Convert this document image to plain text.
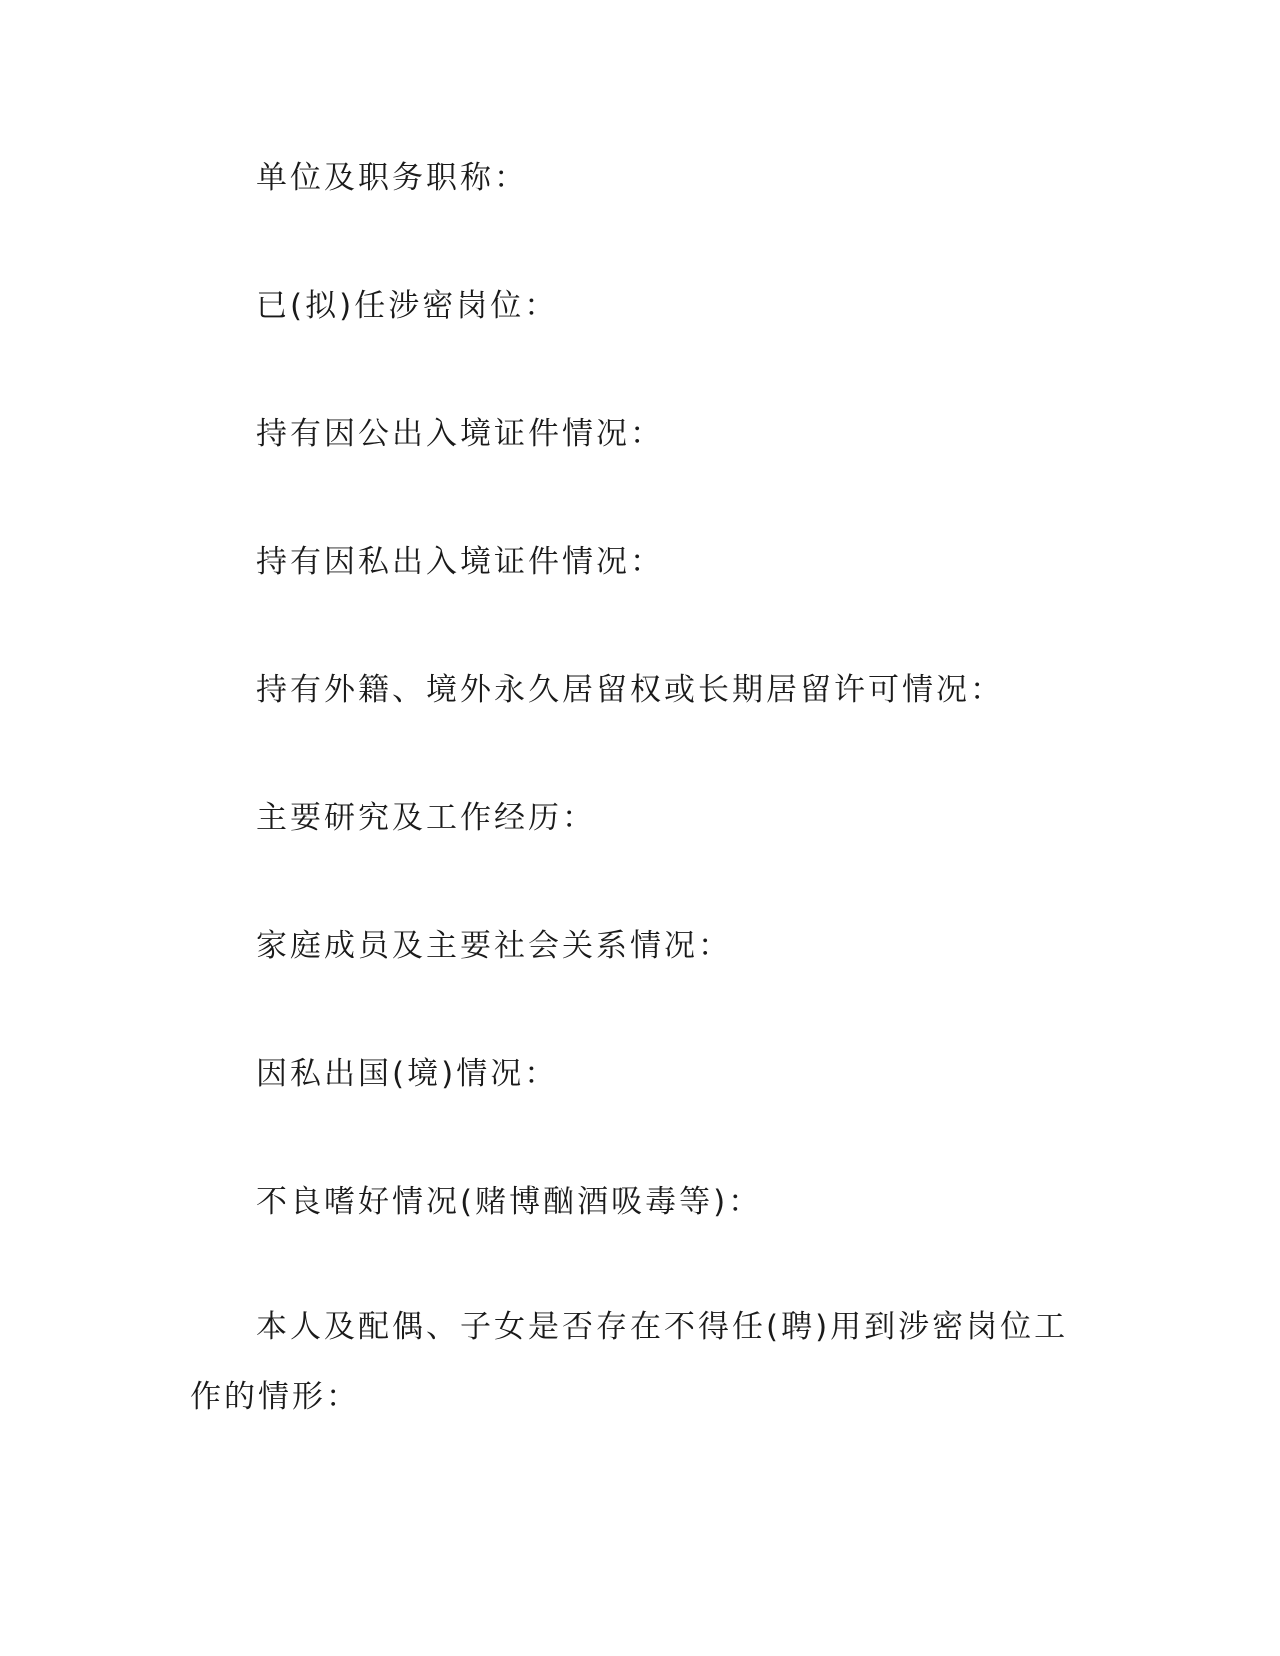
单位及职务职称：
已(拟)任涉密岗位：
持有因公出入境证件情况：
持有因私出入境证件情况：
持有外籍、境外永久居留权或长期居留许可情况：
主要研究及工作经历：
家庭成员及主要社会关系情况：
因私出国(境)情况：
不良嗜好情况(赌博酗酒吸毒等)：
本人及配偶、子女是否存在不得任(聘)用到涉密岗位工
作的情形：
